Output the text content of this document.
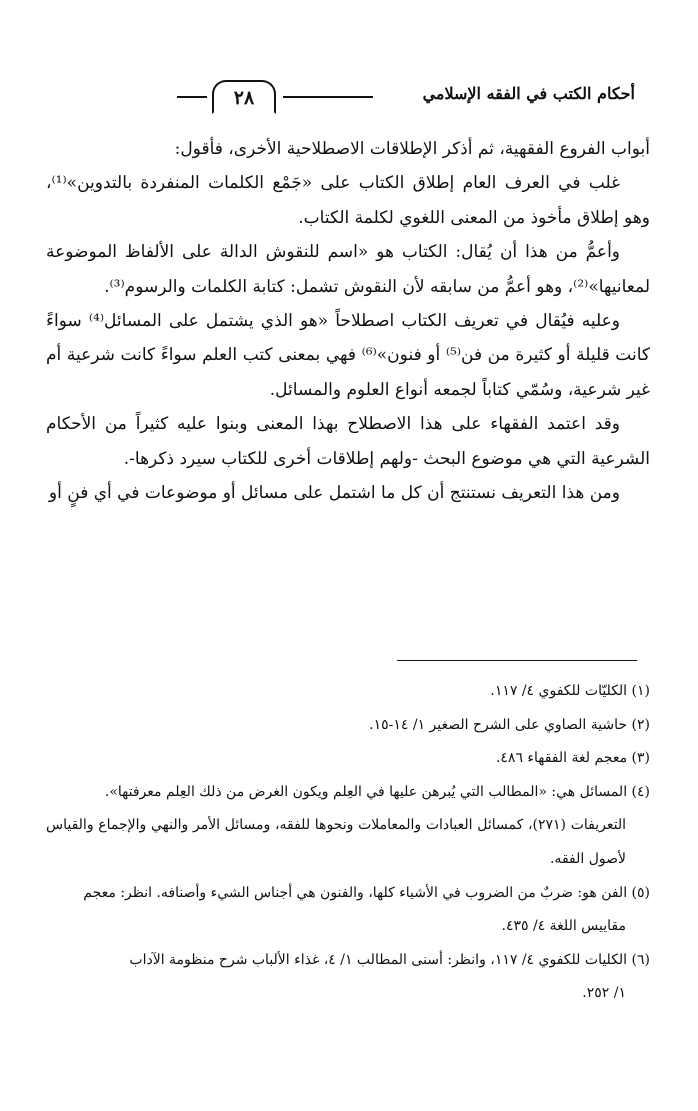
أحكام الكتب في الفقه الإسلامي
٢٨

أبواب الفروع الفقهية، ثم أذكر الإطلاقات الاصطلاحية الأخرى، فأقول:

غلب في العرف العام إطلاق الكتاب على «جَمْع الكلمات المنفردة بالتدوين»⁽¹⁾، وهو إطلاق مأخوذ من المعنى اللغوي لكلمة الكتاب.

وأعمُّ من هذا أن يُقال: الكتاب هو «اسم للنقوش الدالة على الألفاظ الموضوعة لمعانيها»⁽²⁾، وهو أعمُّ من سابقه لأن النقوش تشمل: كتابة الكلمات والرسوم⁽³⁾.

وعليه فيُقال في تعريف الكتاب اصطلاحاً «هو الذي يشتمل على المسائل⁽⁴⁾ سواءً كانت قليلة أو كثيرة من فن⁽⁵⁾ أو فنون»⁽⁶⁾ فهي بمعنى كتب العلم سواءً كانت شرعية أم غير شرعية، وسُمّي كتاباً لجمعه أنواع العلوم والمسائل.

وقد اعتمد الفقهاء على هذا الاصطلاح بهذا المعنى وبنوا عليه كثيراً من الأحكام الشرعية التي هي موضوع البحث -ولهم إطلاقات أخرى للكتاب سيرد ذكرها-.

ومن هذا التعريف نستنتج أن كل ما اشتمل على مسائل أو موضوعات في أي فنٍ أو

(١) الكليّات للكفوي ٤/ ١١٧.

(٢) حاشية الصاوي على الشرح الصغير ١/ ١٤-١٥.

(٣) معجم لغة الفقهاء ٤٨٦.

(٤) المسائل هي: «المطالب التي يُبرهن عليها في العِلم ويكون الغرض من ذلك العِلم معرفتها».

التعريفات (٢٧١)، كمسائل العبادات والمعاملات ونحوها للفقه، ومسائل الأمر والنهي والإجماع والقياس لأصول الفقه.

(٥) الفن هو: ضربٌ من الضروب في الأشياء كلها، والفنون هي أجناس الشيء وأصنافه. انظر: معجم

مقاييس اللغة ٤/ ٤٣٥.

(٦) الكليات للكفوي ٤/ ١١٧، وانظر: أسنى المطالب ١/ ٤، غذاء الألباب شرح منظومة الآداب

١/ ٢٥٢.
